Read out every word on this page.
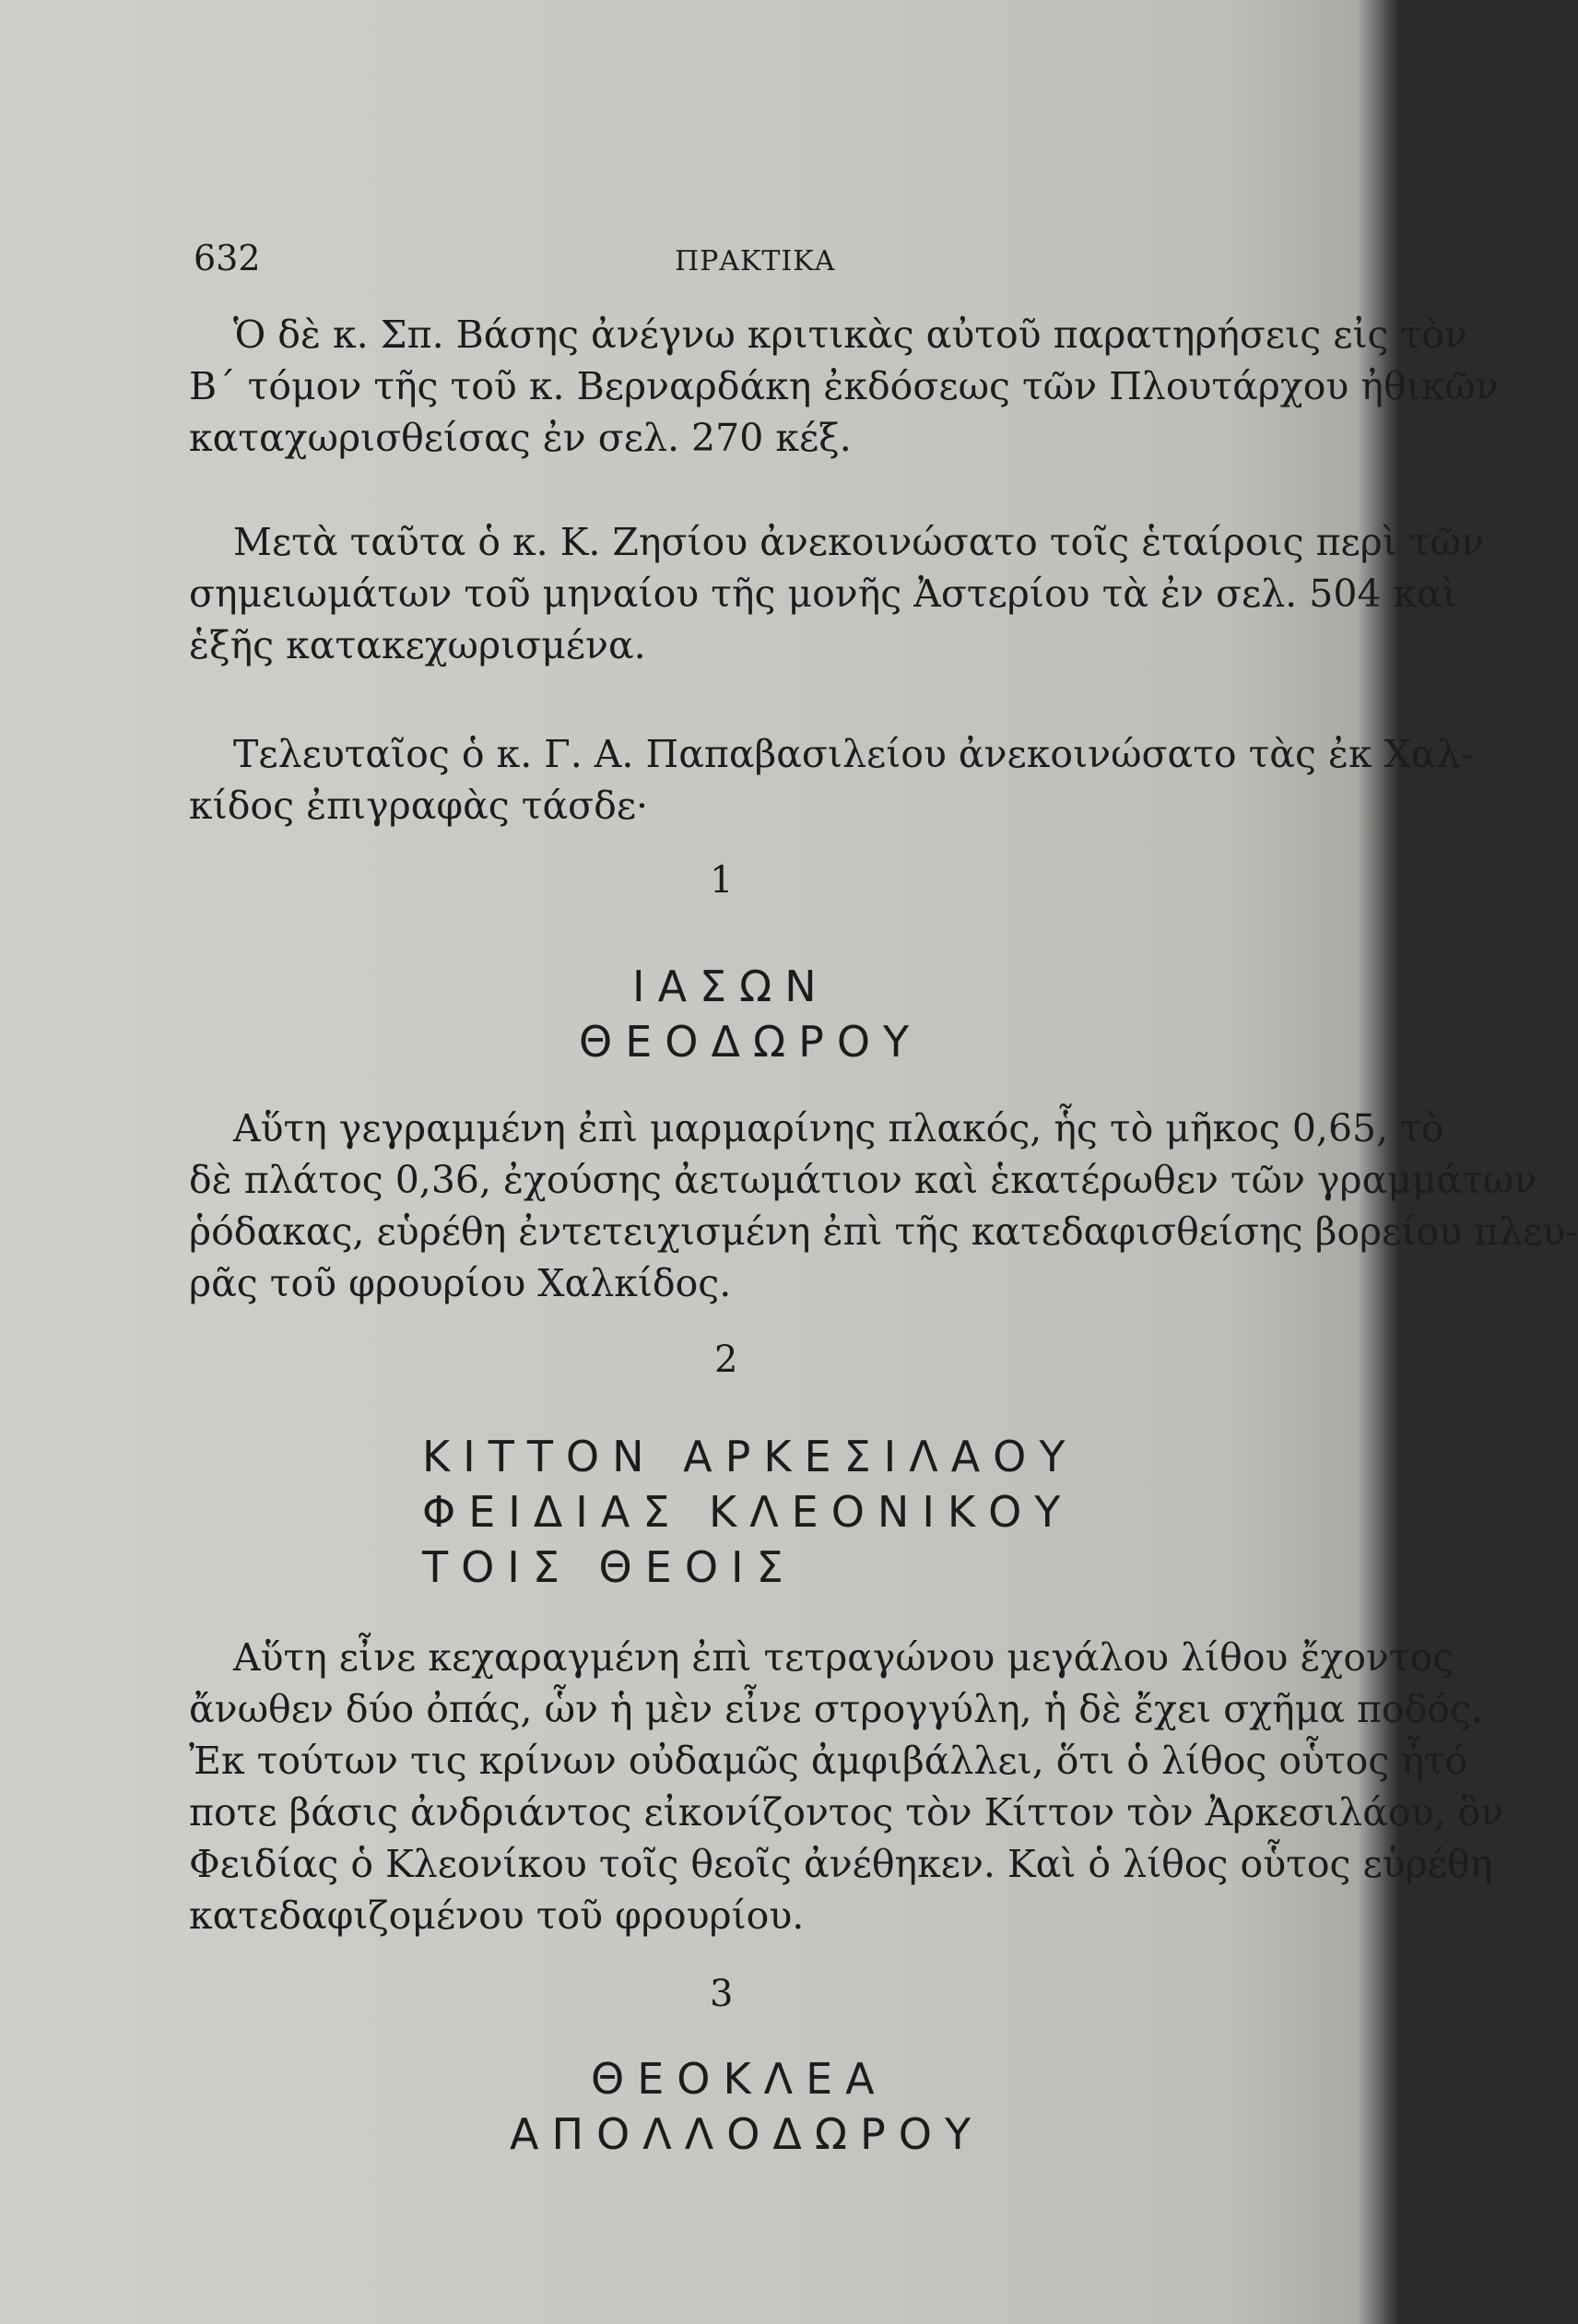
632	ΠΡΑΚΤΙΚΑ
Ὁ δὲ κ. Σπ. Βάσης ἀνέγνω κριτικὰς αὐτοῦ παρατηρήσεις εἰς τὸν
Β΄ τόμον τῆς τοῦ κ. Βερναρδάκη ἐκδόσεως τῶν Πλουτάρχου ἠθικῶν
καταχωρισθείσας ἐν σελ. 270 κέξ.
Μετὰ ταῦτα ὁ κ. Κ. Ζησίου ἀνεκοινώσατο τοῖς ἑταίροις περὶ τῶν
σημειωμάτων τοῦ μηναίου τῆς μονῆς Ἀστερίου τὰ ἐν σελ. 504 καὶ
ἑξῆς κατακεχωρισμένα.
Τελευταῖος ὁ κ. Γ. Α. Παπαβασιλείου ἀνεκοινώσατο τὰς ἐκ Χαλ-
κίδος ἐπιγραφὰς τάσδε·
1
ΙΑΣΩΝ
ΘΕΟΔΩΡΟΥ
Αὕτη γεγραμμένη ἐπὶ μαρμαρίνης πλακός, ἧς τὸ μῆκος 0,65, τὸ
δὲ πλάτος 0,36, ἐχούσης ἀετωμάτιον καὶ ἑκατέρωθεν τῶν γραμμάτων
ῥόδακας, εὑρέθη ἐντετειχισμένη ἐπὶ τῆς κατεδαφισθείσης βορείου πλευ-
ρᾶς τοῦ φρουρίου Χαλκίδος.
2
ΚΙΤΤΟΝ ΑΡΚΕΣΙΛΑΟΥ
ΦΕΙΔΙΑΣ ΚΛΕΟΝΙΚΟΥ
ΤΟΙΣ ΘΕΟΙΣ
Αὕτη εἶνε κεχαραγμένη ἐπὶ τετραγώνου μεγάλου λίθου ἔχοντος
ἄνωθεν δύο ὀπάς, ὧν ἡ μὲν εἶνε στρογγύλη, ἡ δὲ ἔχει σχῆμα ποδός.
Ἐκ τούτων τις κρίνων οὐδαμῶς ἀμφιβάλλει, ὅτι ὁ λίθος οὗτος ἦτό
ποτε βάσις ἀνδριάντος εἰκονίζοντος τὸν Κίττον τὸν Ἀρκεσιλάου, ὃν
Φειδίας ὁ Κλεονίκου τοῖς θεοῖς ἀνέθηκεν. Καὶ ὁ λίθος οὗτος εὑρέθη
κατεδαφιζομένου τοῦ φρουρίου.
3
ΘΕΟΚΛΕΑ
ΑΠΟΛΛΟΔΩΡΟΥ
